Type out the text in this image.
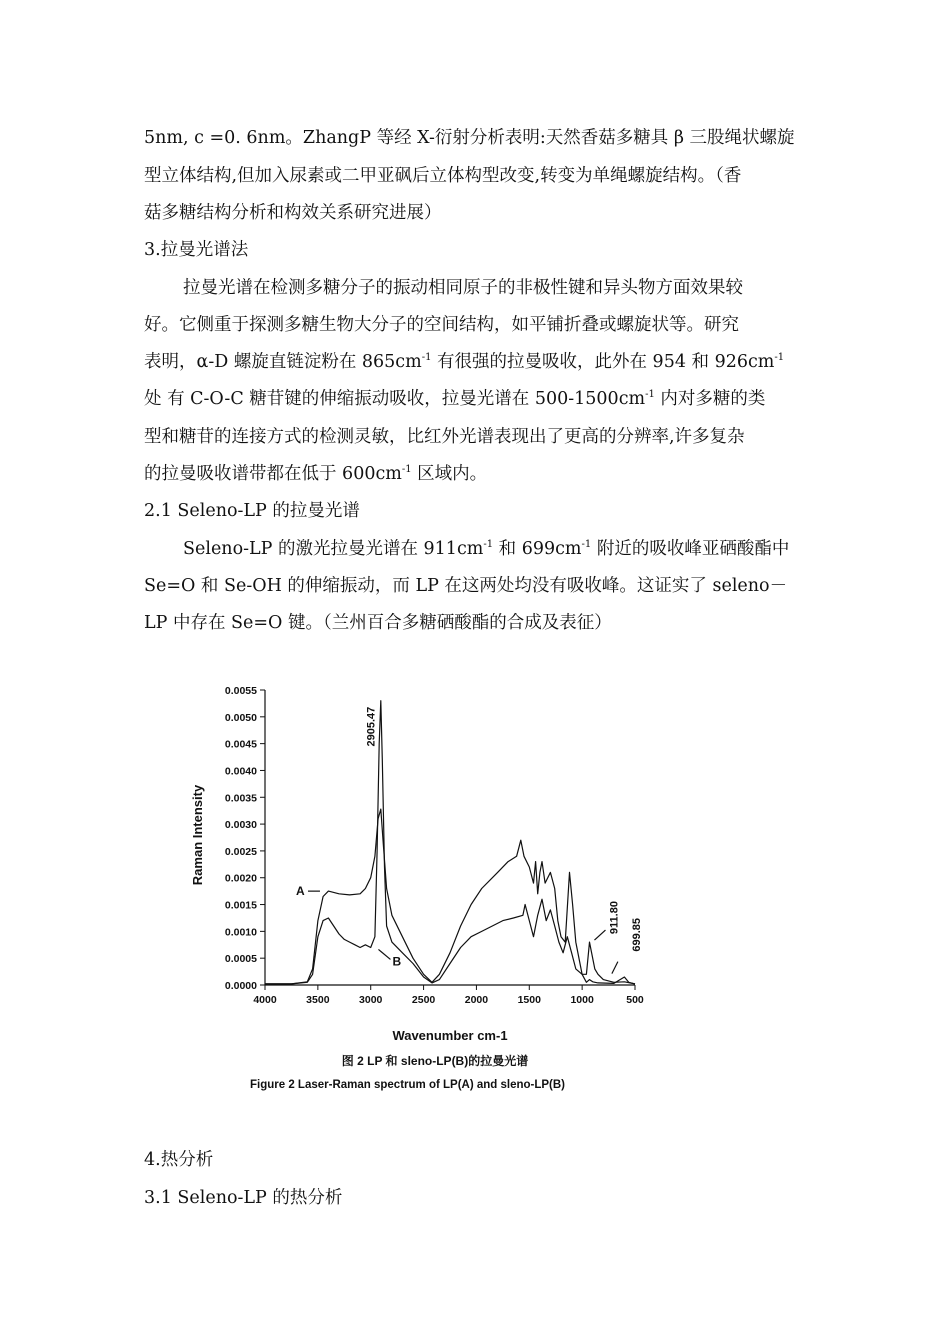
5nm, c =0. 6nm。ZhangP 等经 X-衍射分析表明:天然香菇多糖具 β 三股绳状螺旋
型立体结构,但加入尿素或二甲亚砜后立体构型改变,转变为单绳螺旋结构。（香
菇多糖结构分析和构效关系研究进展）
3.拉曼光谱法
拉曼光谱在检测多糖分子的振动相同原子的非极性键和异头物方面效果较
好。它侧重于探测多糖生物大分子的空间结构，如平铺折叠或螺旋状等。研究
表明，α-D 螺旋直链淀粉在 $865cm^{-1}$ 有很强的拉曼吸收，此外在 954 和 $926cm^{-1}$
处 有 C-O-C 糖苷键的伸缩振动吸收，拉曼光谱在 $500-1500cm^{-1}$ 内对多糖的类
型和糖苷的连接方式的检测灵敏，比红外光谱表现出了更高的分辨率,许多复杂
的拉曼吸收谱带都在低于 $600cm^{-1}$ 区域内。
2.1 Seleno-LP 的拉曼光谱
Seleno-LP 的激光拉曼光谱在 $911cm^{-1}$ 和 $699cm^{-1}$ 附近的吸收峰亚硒酸酯中
Se=O 和 Se-OH 的伸缩振动，而 LP 在这两处均没有吸收峰。这证实了 seleno－
LP 中存在 Se=O 键。（兰州百合多糖硒酸酯的合成及表征）
Raman Intensity
Wavenumber cm-1
图 2 LP 和 sleno-LP(B)的拉曼光谱
Figure 2 Laser-Raman spectrum of LP(A) and sleno-LP(B)
0.0000
0.0005
0.0010
0.0015
0.0020
0.0025
0.0030
0.0035
0.0040
0.0045
0.0050
0.0055
4000	3500	3000	2500	2000	1500	1000	500
2905.47
911.80
699.85
A
B
4.热分析
3.1 Seleno-LP 的热分析
